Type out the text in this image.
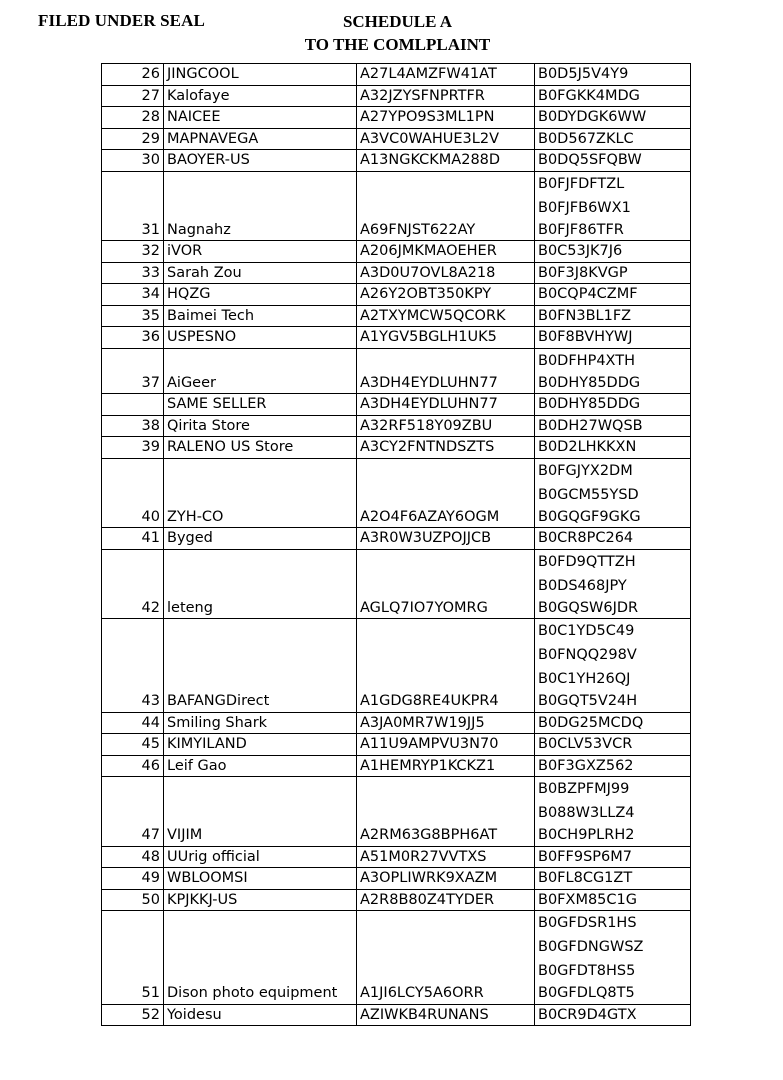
FILED UNDER SEAL	SCHEDULE A
TO THE COMLPLAINT
26	JINGCOOL	A27L4AMZFW41AT	B0D5J5V4Y9

27	Kalofaye	A32JZYSFNPRTFR	B0FGKK4MDG

28	NAICEE	A27YPO9S3ML1PN	B0DYDGK6WW

29	MAPNAVEGA	A3VC0WAHUE3L2V	B0D567ZKLC

30	BAOYER-US	A13NGKCKMA288D	B0DQ5SFQBW

31	Nagnahz	A69FNJST622AY	B0FJFDFTZL
B0FJFB6WX1
B0FJF86TFR

32	iVOR	A206JMKMAOEHER	B0C53JK7J6

33	Sarah Zou	A3D0U7OVL8A218	B0F3J8KVGP

34	HQZG	A26Y2OBT350KPY	B0CQP4CZMF

35	Baimei Tech	A2TXYMCW5QCORK	B0FN3BL1FZ

36	USPESNO	A1YGV5BGLH1UK5	B0F8BVHYWJ

37	AiGeer	A3DH4EYDLUHN77	B0DFHP4XTH
B0DHY85DDG

	SAME SELLER	A3DH4EYDLUHN77	B0DHY85DDG

38	Qirita Store	A32RF518Y09ZBU	B0DH27WQSB

39	RALENO US Store	A3CY2FNTNDSZTS	B0D2LHKKXN

40	ZYH-CO	A2O4F6AZAY6OGM	B0FGJYX2DM
B0GCM55YSD
B0GQGF9GKG

41	Byged	A3R0W3UZPOJJCB	B0CR8PC264

42	leteng	AGLQ7IO7YOMRG	B0FD9QTTZH
B0DS468JPY
B0GQSW6JDR

43	BAFANGDirect	A1GDG8RE4UKPR4	B0C1YD5C49
B0FNQQ298V
B0C1YH26QJ
B0GQT5V24H

44	Smiling Shark	A3JA0MR7W19JJ5	B0DG25MCDQ

45	KIMYILAND	A11U9AMPVU3N70	B0CLV53VCR

46	Leif Gao	A1HEMRYP1KCKZ1	B0F3GXZ562

47	VIJIM	A2RM63G8BPH6AT	B0BZPFMJ99
B088W3LLZ4
B0CH9PLRH2

48	UUrig official	A51M0R27VVTXS	B0FF9SP6M7

49	WBLOOMSI	A3OPLIWRK9XAZM	B0FL8CG1ZT

50	KPJKKJ-US	A2R8B80Z4TYDER	B0FXM85C1G

51	Dison photo equipment	A1JI6LCY5A6ORR	B0GFDSR1HS
B0GFDNGWSZ
B0GFDT8HS5
B0GFDLQ8T5

52	Yoidesu	AZIWKB4RUNANS	B0CR9D4GTX
